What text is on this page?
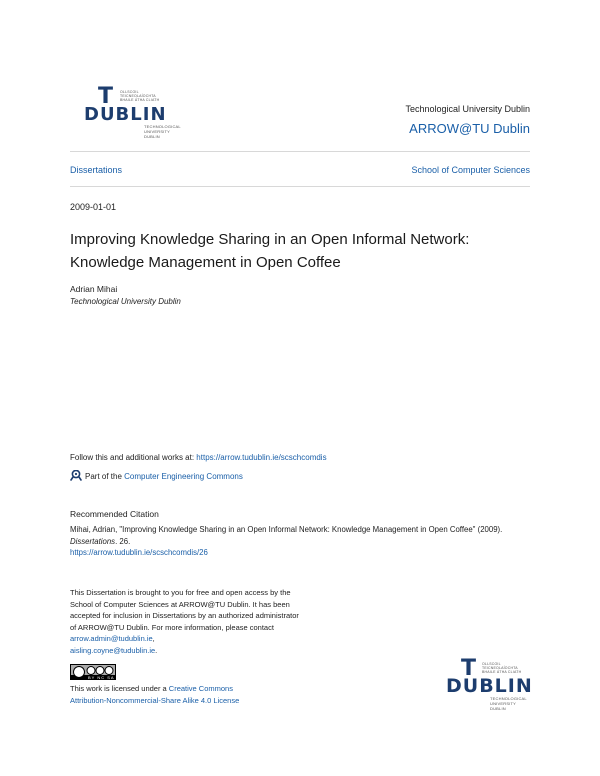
T OLLSCOIL TEICNEOLAÍOCHTA BHAILE ÁTHA CLIATH
DUBLIN
TECHNOLOGICAL
UNIVERSITY DUBLIN
Technological University Dublin
ARROW@TU Dublin
Dissertations	School of Computer Sciences
2009-01-01
Improving Knowledge Sharing in an Open Informal Network: Knowledge Management in Open Coffee
Adrian Mihai
Technological University Dublin
Follow this and additional works at: https://arrow.tudublin.ie/scschcomdis
Part of the Computer Engineering Commons
Recommended Citation
Mihai, Adrian, "Improving Knowledge Sharing in an Open Informal Network: Knowledge Management in Open Coffee" (2009). Dissertations. 26.
https://arrow.tudublin.ie/scschcomdis/26
This Dissertation is brought to you for free and open access by the School of Computer Sciences at ARROW@TU Dublin. It has been accepted for inclusion in Dissertations by an authorized administrator of ARROW@TU Dublin. For more information, please contact arrow.admin@tudublin.ie,
aisling.coyne@tudublin.ie.
BY NC SA
This work is licensed under a Creative Commons
Attribution-Noncommercial-Share Alike 4.0 License
T OLLSCOIL TEICNEOLAÍOCHTA BHAILE ÁTHA CLIATH
DUBLIN
TECHNOLOGICAL
UNIVERSITY DUBLIN
